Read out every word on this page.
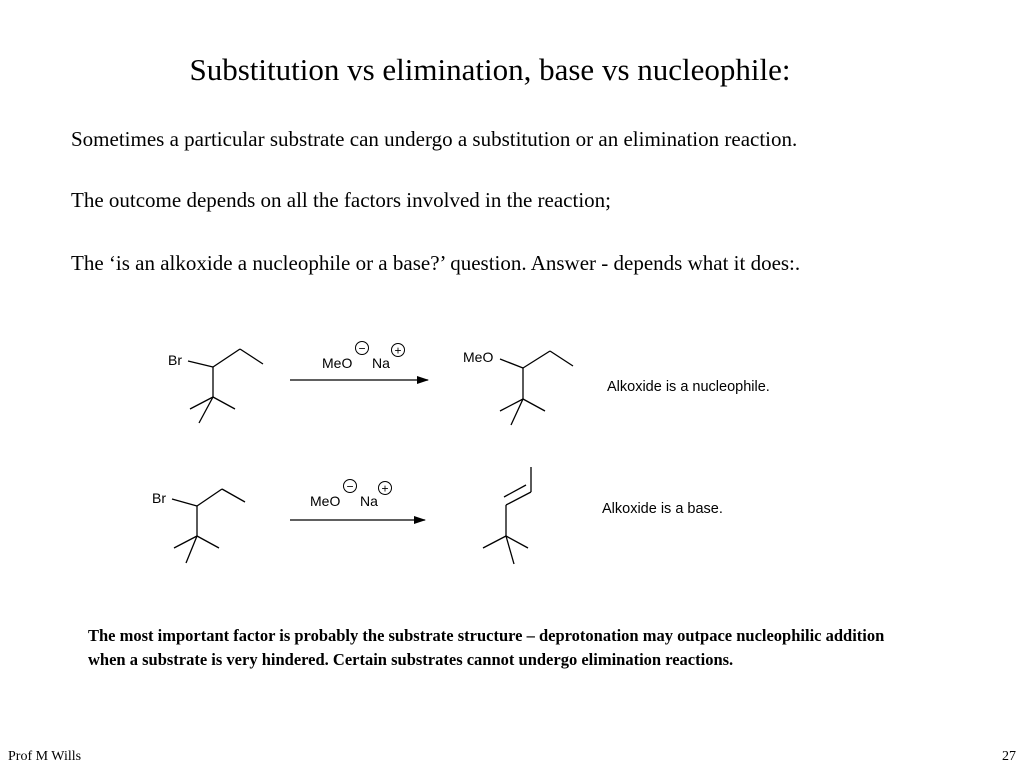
Substitution vs elimination, base vs nucleophile:
Sometimes a particular substrate can undergo a substitution or an elimination reaction.
The outcome depends on all the factors involved in the reaction;
The ‘is an alkoxide a nucleophile or a base?’ question. Answer - depends what it does:.
Br	MeO
−
Na
+	MeO
Alkoxide is a nucleophile.
Br	MeO
−
Na
+
Alkoxide is a base.
The most important factor is probably the substrate structure – deprotonation may outpace nucleophilic addition when a substrate is very hindered. Certain substrates cannot undergo elimination reactions.
Prof M Wills	27
